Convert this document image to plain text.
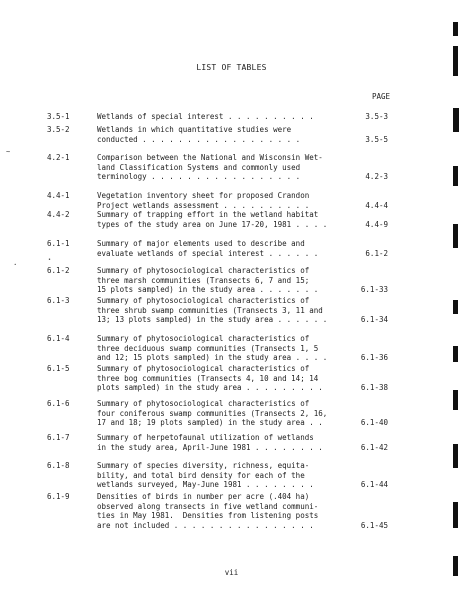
LIST OF TABLES
PAGE
3.5-1	Wetlands of special interest . . . . . . . . . .	3.5-3
3.5-2	Wetlands in which quantitative studies were
conducted . . . . . . . . . . . . . . . . . .	3.5-5
4.2-1	Comparison between the National and Wisconsin Wet-
land Classification Systems and commonly used
terminology . . . . . . . . . . . . . . . . .	4.2-3
4.4-1	Vegetation inventory sheet for proposed Crandon
Project wetlands assessment . . . . . . . . . .	4.4-4
4.4-2	Summary of trapping effort in the wetland habitat
types of the study area on June 17-20, 1981 . . . .	4.4-9
6.1-1	Summary of major elements used to describe and
evaluate wetlands of special interest . . . . . .	6.1-2
6.1-2	Summary of phytosociological characteristics of
three marsh communities (Transects 6, 7 and 15;
15 plots sampled) in the study area . . . . . . .	6.1-33
6.1-3	Summary of phytosociological characteristics of
three shrub swamp communities (Transects 3, 11 and
13; 13 plots sampled) in the study area . . . . . .	6.1-34
6.1-4	Summary of phytosociological characteristics of
three deciduous swamp communities (Transects 1, 5
and 12; 15 plots sampled) in the study area . . . .	6.1-36
6.1-5	Summary of phytosociological characteristics of
three bog communities (Transects 4, 10 and 14; 14
plots sampled) in the study area . . . . . . . . .	6.1-38
6.1-6	Summary of phytosociological characteristics of
four coniferous swamp communities (Transects 2, 16,
17 and 18; 19 plots sampled) in the study area . .	6.1-40
6.1-7	Summary of herpetofaunal utilization of wetlands
in the study area, April-June 1981 . . . . . . . .	6.1-42
6.1-8	Summary of species diversity, richness, equita-
bility, and total bird density for each of the
wetlands surveyed, May-June 1981 . . . . . . . .	6.1-44
6.1-9	Densities of birds in number per acre (.404 ha)
observed along transects in five wetland communi-
ties in May 1981.  Densities from listening posts
are not included . . . . . . . . . . . . . . . .	6.1-45
vii
~
•
•
